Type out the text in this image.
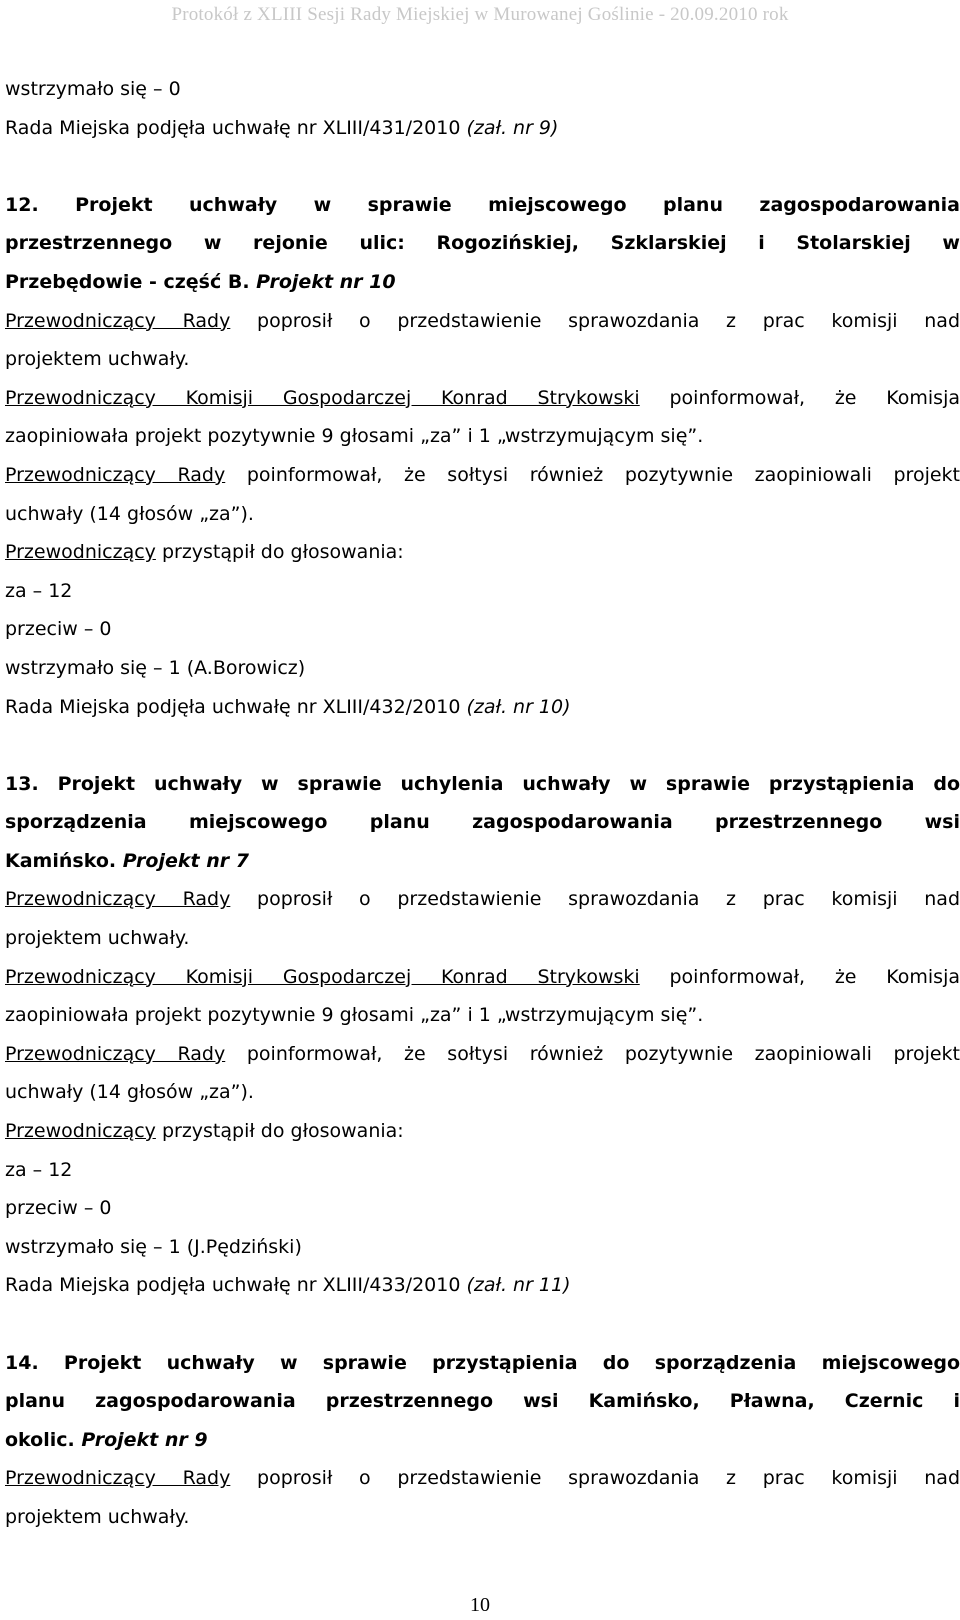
Protokół z XLIII Sesji Rady Miejskiej w Murowanej Goślinie - 20.09.2010 rok
wstrzymało się – 0
Rada Miejska podjęła uchwałę nr XLIII/431/2010 (zał. nr 9)
12. Projekt uchwały w sprawie miejscowego planu zagospodarowania
przestrzennego w rejonie ulic: Rogozińskiej, Szklarskiej i Stolarskiej w
Przebędowie - część B. Projekt nr 10
Przewodniczący Rady poprosił o przedstawienie sprawozdania z prac komisji nad
projektem uchwały.
Przewodniczący Komisji Gospodarczej Konrad Strykowski poinformował, że Komisja
zaopiniowała projekt pozytywnie 9 głosami „za” i 1 „wstrzymującym się”.
Przewodniczący Rady poinformował, że sołtysi również pozytywnie zaopiniowali projekt
uchwały (14 głosów „za”).
Przewodniczący przystąpił do głosowania:
za – 12
przeciw – 0
wstrzymało się – 1 (A.Borowicz)
Rada Miejska podjęła uchwałę nr XLIII/432/2010 (zał. nr 10)
13. Projekt uchwały w sprawie uchylenia uchwały w sprawie przystąpienia do
sporządzenia miejscowego planu zagospodarowania przestrzennego wsi
Kamińsko. Projekt nr 7
Przewodniczący Rady poprosił o przedstawienie sprawozdania z prac komisji nad
projektem uchwały.
Przewodniczący Komisji Gospodarczej Konrad Strykowski poinformował, że Komisja
zaopiniowała projekt pozytywnie 9 głosami „za” i 1 „wstrzymującym się”.
Przewodniczący Rady poinformował, że sołtysi również pozytywnie zaopiniowali projekt
uchwały (14 głosów „za”).
Przewodniczący przystąpił do głosowania:
za – 12
przeciw – 0
wstrzymało się – 1 (J.Pędziński)
Rada Miejska podjęła uchwałę nr XLIII/433/2010 (zał. nr 11)
14. Projekt uchwały w sprawie przystąpienia do sporządzenia miejscowego
planu zagospodarowania przestrzennego wsi Kamińsko, Pławna, Czernic i
okolic. Projekt nr 9
Przewodniczący Rady poprosił o przedstawienie sprawozdania z prac komisji nad
projektem uchwały.
10
